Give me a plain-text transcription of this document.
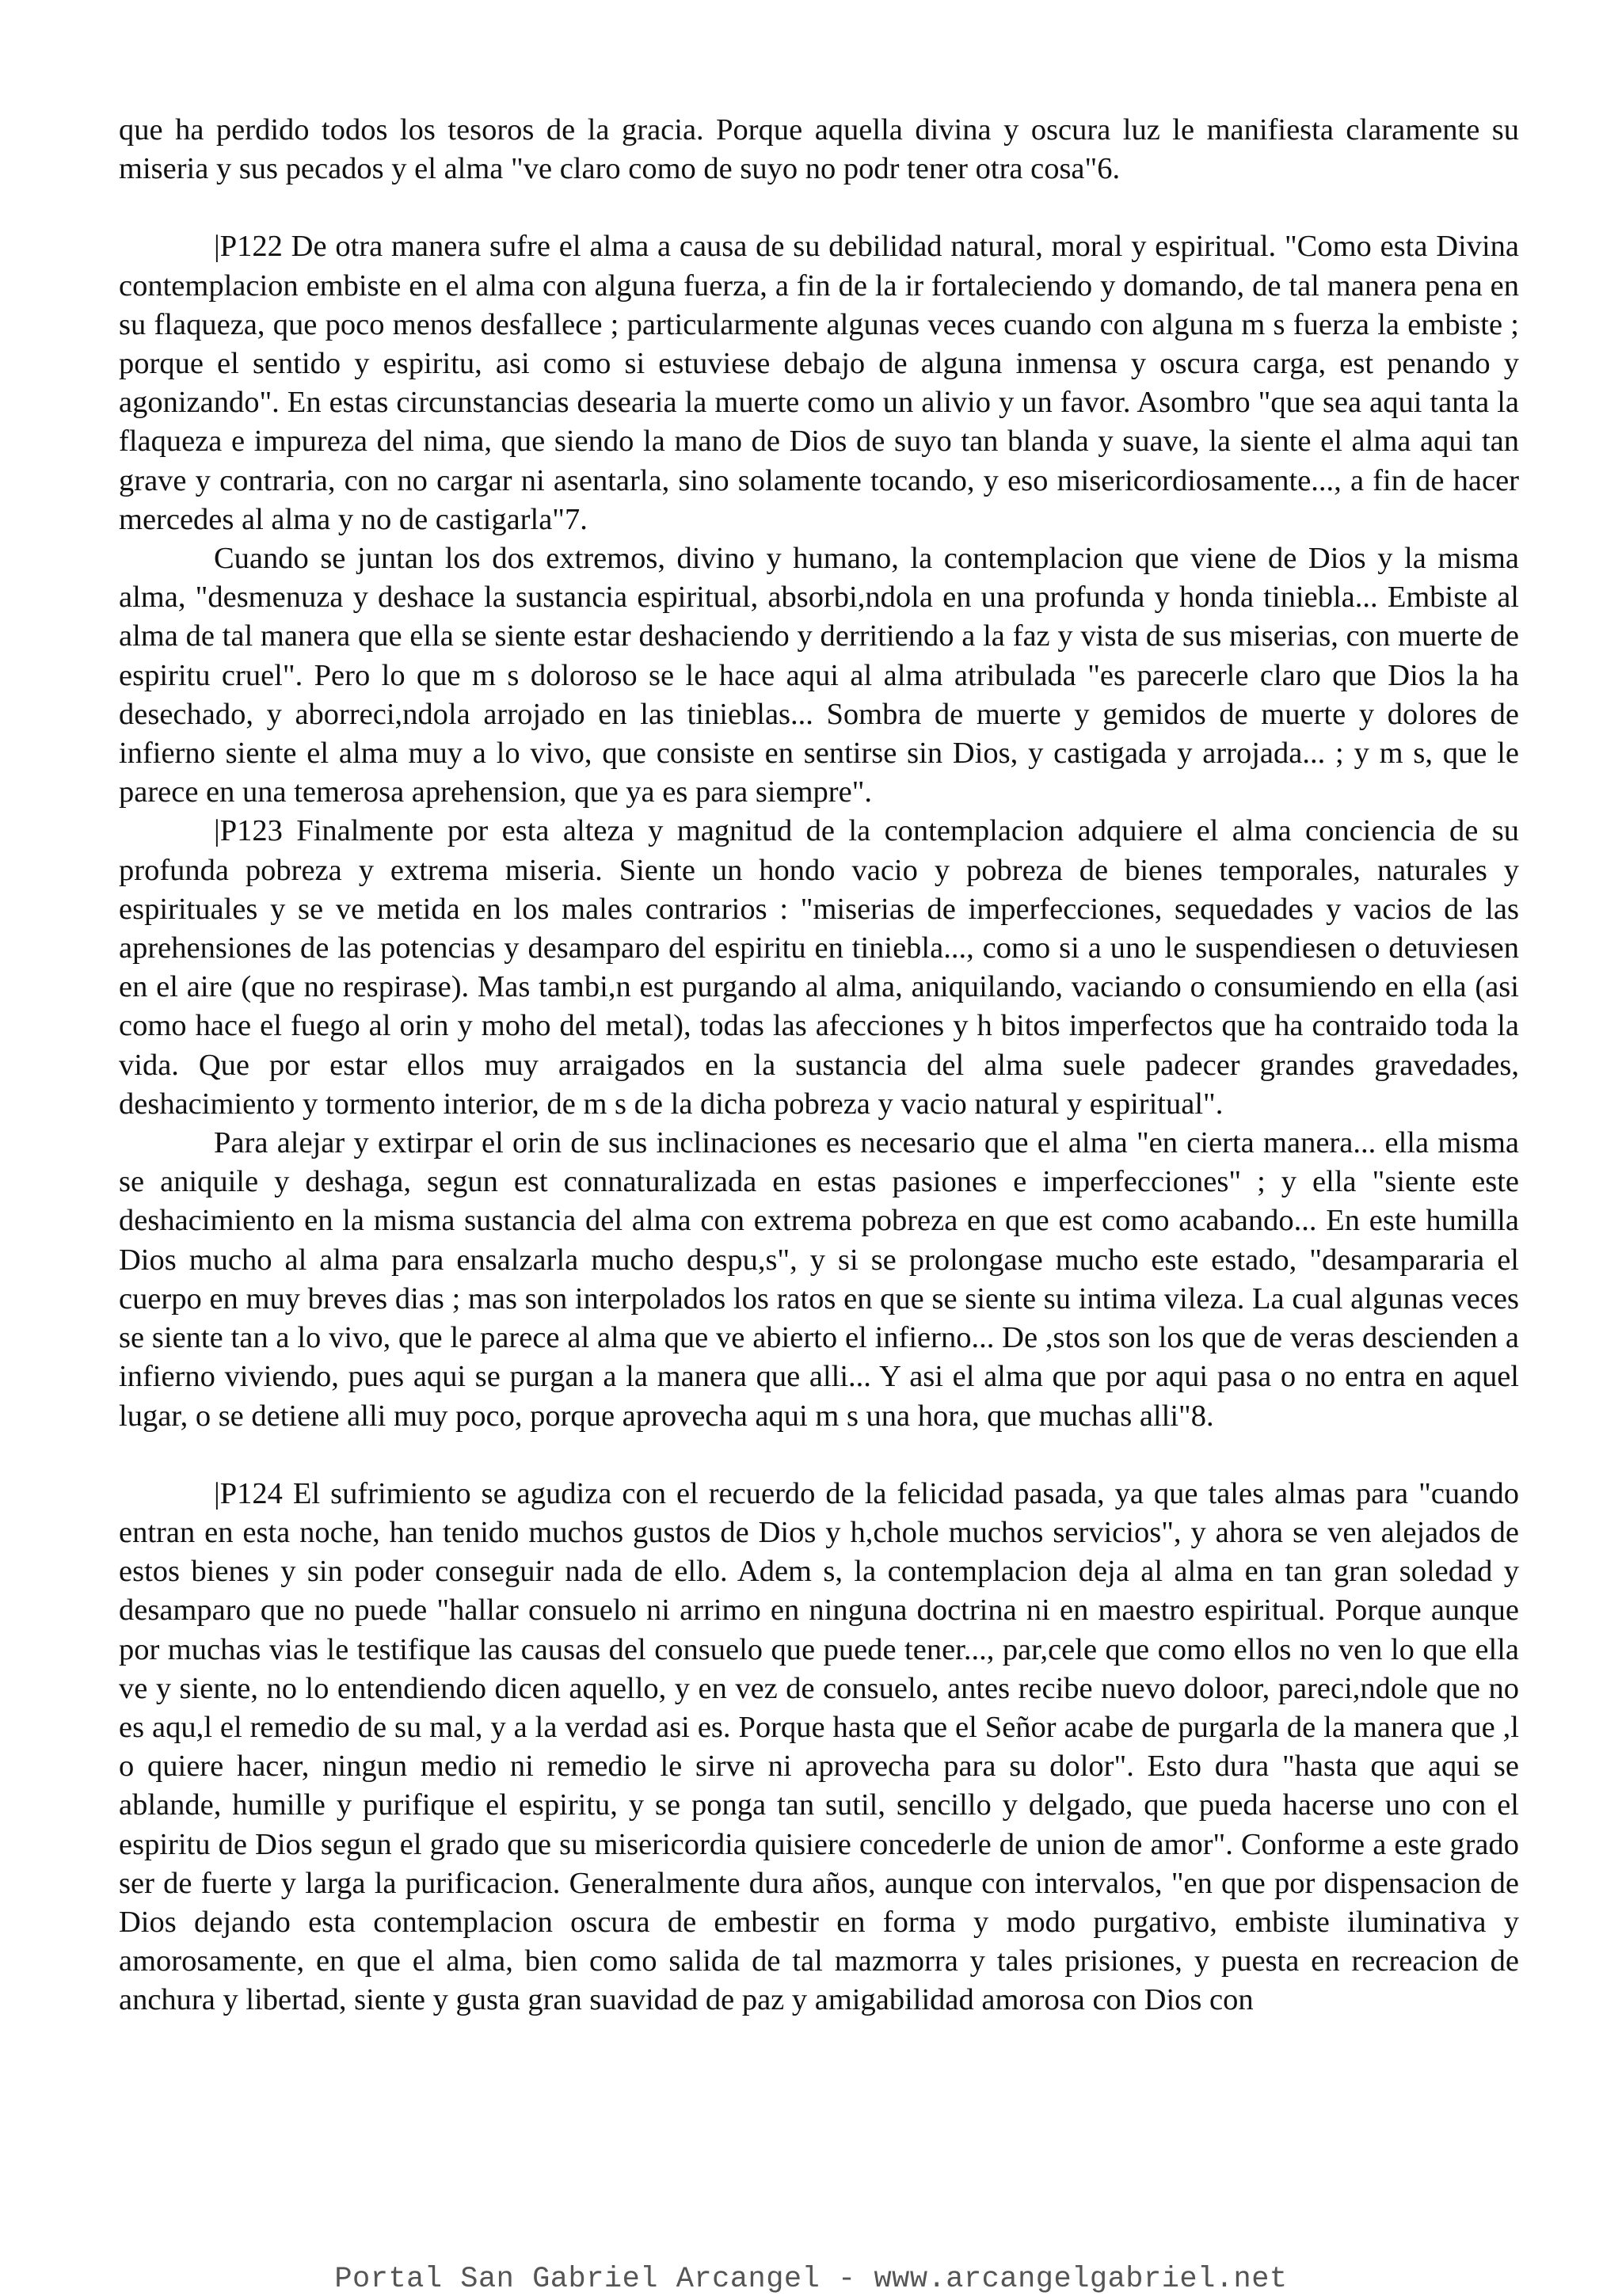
que ha perdido todos los tesoros de la gracia. Porque aquella divina y oscura luz le manifiesta claramente su miseria y sus pecados y el alma "ve claro como de suyo no podr tener otra cosa"6.

|P122 De otra manera sufre el alma a causa de su debilidad natural, moral y espiritual. "Como esta Divina contemplacion embiste en el alma con alguna fuerza, a fin de la ir fortaleciendo y domando, de tal manera pena en su flaqueza, que poco menos desfallece ; particularmente algunas veces cuando con alguna m s fuerza la embiste ; porque el sentido y espiritu, asi como si estuviese debajo de alguna inmensa y oscura carga, est penando y agonizando". En estas circunstancias desearia la muerte como un alivio y un favor. Asombro "que sea aqui tanta la flaqueza e impureza del nima, que siendo la mano de Dios de suyo tan blanda y suave, la siente el alma aqui tan grave y contraria, con no cargar ni asentarla, sino solamente tocando, y eso misericordiosamente..., a fin de hacer mercedes al alma y no de castigarla"7.

Cuando se juntan los dos extremos, divino y humano, la contemplacion que viene de Dios y la misma alma, "desmenuza y deshace la sustancia espiritual, absorbi,ndola en una profunda y honda tiniebla... Embiste al alma de tal manera que ella se siente estar deshaciendo y derritiendo a la faz y vista de sus miserias, con muerte de espiritu cruel". Pero lo que m s doloroso se le hace aqui al alma atribulada "es parecerle claro que Dios la ha desechado, y aborreci,ndola arrojado en las tinieblas... Sombra de muerte y gemidos de muerte y dolores de infierno siente el alma muy a lo vivo, que consiste en sentirse sin Dios, y castigada y arrojada... ; y m s, que le parece en una temerosa aprehension, que ya es para siempre".

|P123 Finalmente por esta alteza y magnitud de la contemplacion adquiere el alma conciencia de su profunda pobreza y extrema miseria. Siente un hondo vacio y pobreza de bienes temporales, naturales y espirituales y se ve metida en los males contrarios : "miserias de imperfecciones, sequedades y vacios de las aprehensiones de las potencias y desamparo del espiritu en tiniebla..., como si a uno le suspendiesen o detuviesen en el aire (que no respirase). Mas tambi,n est purgando al alma, aniquilando, vaciando o consumiendo en ella (asi como hace el fuego al orin y moho del metal), todas las afecciones y h bitos imperfectos que ha contraido toda la vida. Que por estar ellos muy arraigados en la sustancia del alma suele padecer grandes gravedades, deshacimiento y tormento interior, de m s de la dicha pobreza y vacio natural y espiritual".

Para alejar y extirpar el orin de sus inclinaciones es necesario que el alma "en cierta manera... ella misma se aniquile y deshaga, segun est connaturalizada en estas pasiones e imperfecciones" ; y ella "siente este deshacimiento en la misma sustancia del alma con extrema pobreza en que est como acabando... En este humilla Dios mucho al alma para ensalzarla mucho despu,s", y si se prolongase mucho este estado, "desampararia el cuerpo en muy breves dias ; mas son interpolados los ratos en que se siente su intima vileza. La cual algunas veces se siente tan a lo vivo, que le parece al alma que ve abierto el infierno... De ,stos son los que de veras descienden a infierno viviendo, pues aqui se purgan a la manera que alli... Y asi el alma que por aqui pasa o no entra en aquel lugar, o se detiene alli muy poco, porque aprovecha aqui m s una hora, que muchas alli"8.

|P124 El sufrimiento se agudiza con el recuerdo de la felicidad pasada, ya que tales almas para "cuando entran en esta noche, han tenido muchos gustos de Dios y h,chole muchos servicios", y ahora se ven alejados de estos bienes y sin poder conseguir nada de ello. Adem s, la contemplacion deja al alma en tan gran soledad y desamparo que no puede "hallar consuelo ni arrimo en ninguna doctrina ni en maestro espiritual. Porque aunque por muchas vias le testifique las causas del consuelo que puede tener..., par,cele que como ellos no ven lo que ella ve y siente, no lo entendiendo dicen aquello, y en vez de consuelo, antes recibe nuevo doloor, pareci,ndole que no es aqu,l el remedio de su mal, y a la verdad asi es. Porque hasta que el Señor acabe de purgarla de la manera que ,l o quiere hacer, ningun medio ni remedio le sirve ni aprovecha para su dolor". Esto dura "hasta que aqui se ablande, humille y purifique el espiritu, y se ponga tan sutil, sencillo y delgado, que pueda hacerse uno con el espiritu de Dios segun el grado que su misericordia quisiere concederle de union de amor". Conforme a este grado ser de fuerte y larga la purificacion. Generalmente dura años, aunque con intervalos, "en que por dispensacion de Dios dejando esta contemplacion oscura de embestir en forma y modo purgativo, embiste iluminativa y amorosamente, en que el alma, bien como salida de tal mazmorra y tales prisiones, y puesta en recreacion de anchura y libertad, siente y gusta gran suavidad de paz y amigabilidad amorosa con Dios con

Portal San Gabriel Arcangel - www.arcangelgabriel.net
